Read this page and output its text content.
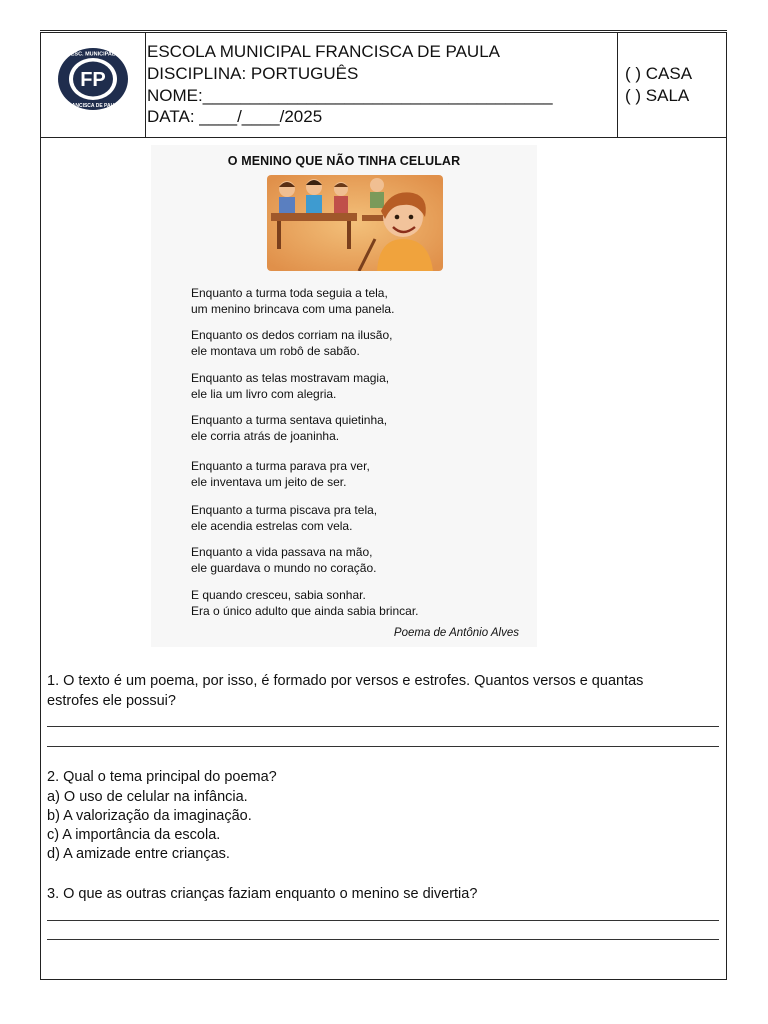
FP
ESC. MUNICIPAL
FRANCISCA DE PAULA
ESCOLA MUNICIPAL FRANCISCA DE PAULA
DISCIPLINA: PORTUGUÊS
NOME:_____________________________________
DATA: ____/____/2025
( ) CASA
( ) SALA
O MENINO QUE NÃO TINHA CELULAR
Enquanto a turma toda seguia a tela,
um menino brincava com uma panela.
Enquanto os dedos corriam na ilusão,
ele montava um robô de sabão.
Enquanto as telas mostravam magia,
ele lia um livro com alegria.
Enquanto a turma sentava quietinha,
ele corria atrás de joaninha.
Enquanto a turma parava pra ver,
ele inventava um jeito de ser.
Enquanto a turma piscava pra tela,
ele acendia estrelas com vela.
Enquanto a vida passava na mão,
ele guardava o mundo no coração.
E quando cresceu, sabia sonhar.
Era o único adulto que ainda sabia brincar.
Poema de Antônio Alves
1. O texto é um poema, por isso, é formado por versos e estrofes. Quantos versos e quantas
estrofes ele possui?
2. Qual o tema principal do poema?
a) O uso de celular na infância.
b) A valorização da imaginação.
c) A importância da escola.
d) A amizade entre crianças.
3. O que as outras crianças faziam enquanto o menino se divertia?
